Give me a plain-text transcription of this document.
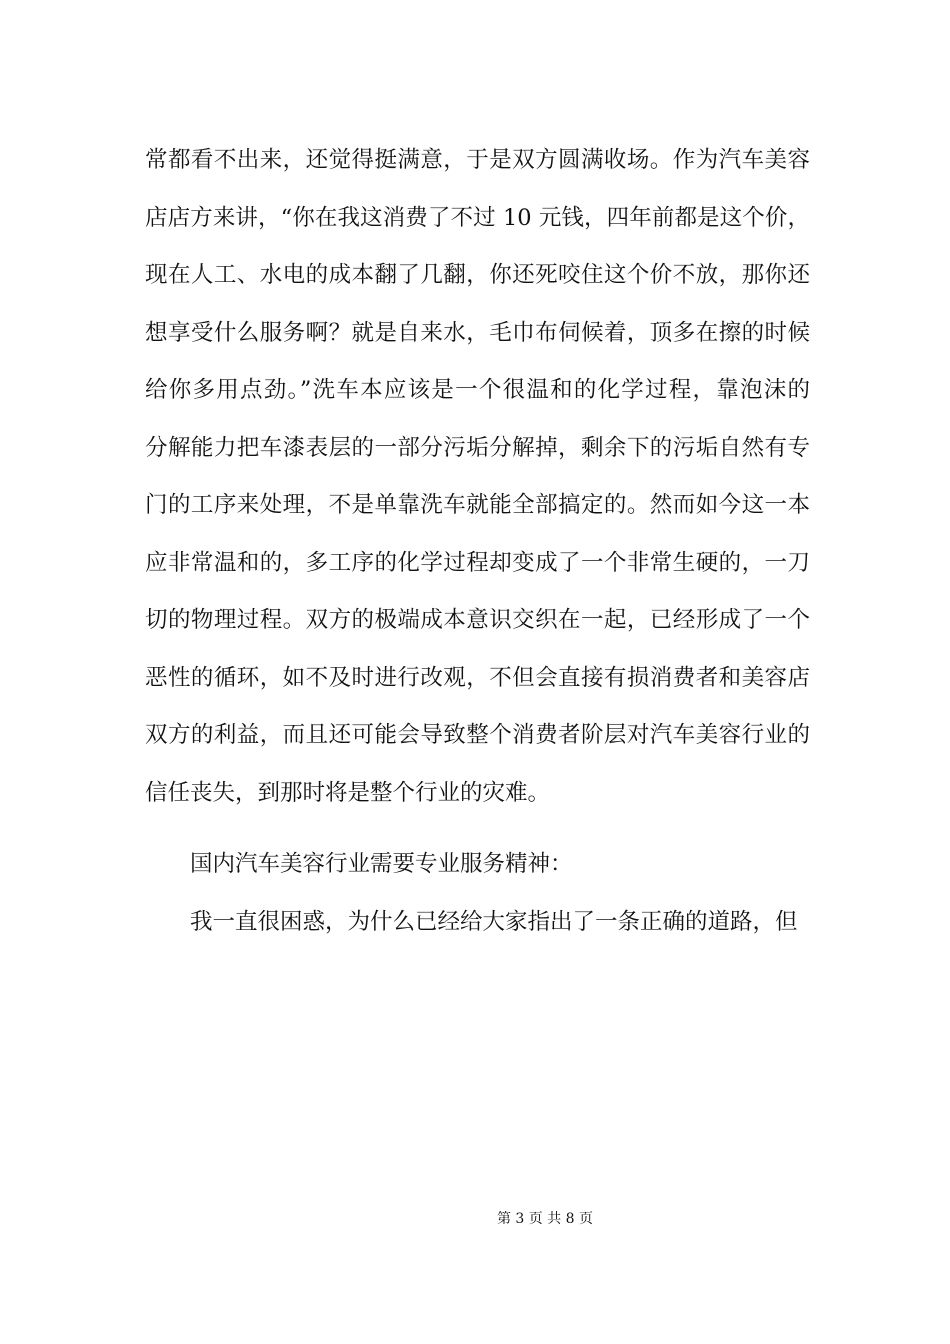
常都看不出来，还觉得挺满意，于是双方圆满收场。作为汽车美容
店店方来讲，“你在我这消费了不过 10 元钱，四年前都是这个价，
现在人工、水电的成本翻了几翻，你还死咬住这个价不放，那你还
想享受什么服务啊？就是自来水，毛巾布伺候着，顶多在擦的时候
给你多用点劲。”洗车本应该是一个很温和的化学过程，靠泡沫的
分解能力把车漆表层的一部分污垢分解掉，剩余下的污垢自然有专
门的工序来处理，不是单靠洗车就能全部搞定的。然而如今这一本
应非常温和的，多工序的化学过程却变成了一个非常生硬的，一刀
切的物理过程。双方的极端成本意识交织在一起，已经形成了一个
恶性的循环，如不及时进行改观，不但会直接有损消费者和美容店
双方的利益，而且还可能会导致整个消费者阶层对汽车美容行业的
信任丧失，到那时将是整个行业的灾难。
国内汽车美容行业需要专业服务精神：
我一直很困惑，为什么已经给大家指出了一条正确的道路，但
第 3 页 共 8 页
